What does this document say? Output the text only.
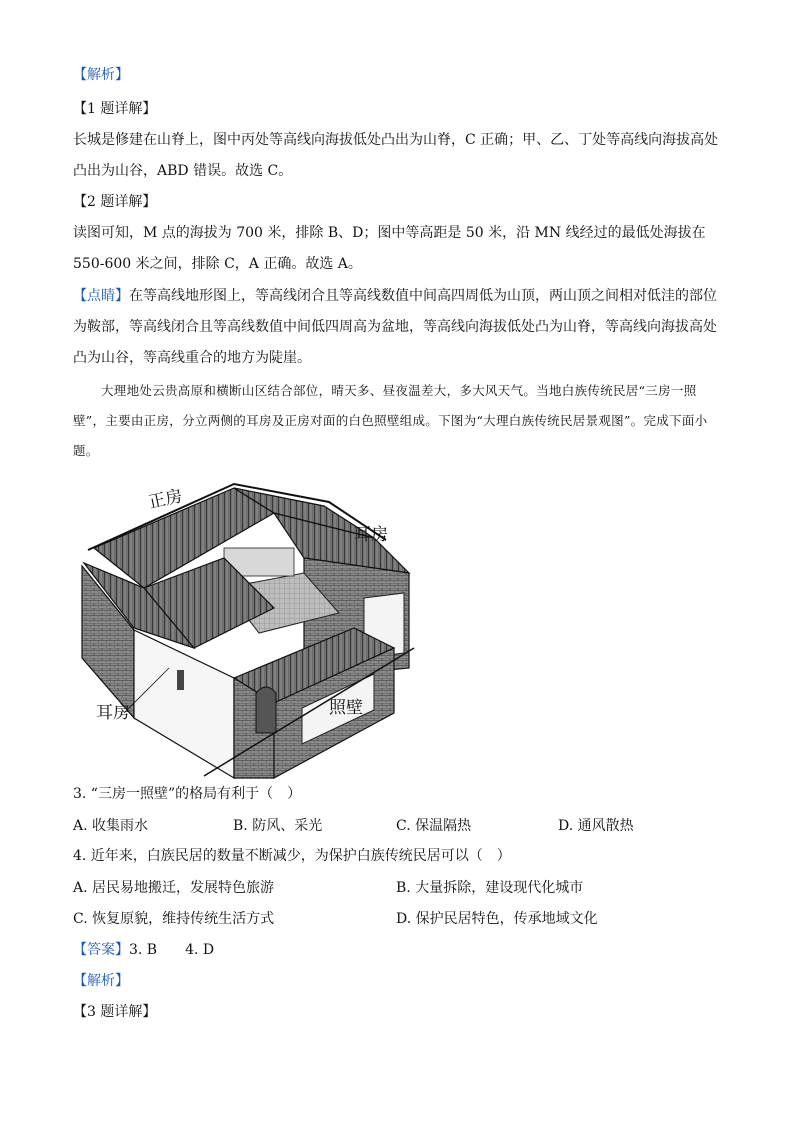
【解析】
【1 题详解】
长城是修建在山脊上，图中丙处等高线向海拔低处凸出为山脊，C 正确；甲、乙、丁处等高线向海拔高处凸出为山谷，ABD 错误。故选 C。
【2 题详解】
读图可知，M 点的海拔为 700 米，排除 B、D；图中等高距是 50 米，沿 MN 线经过的最低处海拔在 550-600 米之间，排除 C，A 正确。故选 A。
【点睛】在等高线地形图上，等高线闭合且等高线数值中间高四周低为山顶，两山顶之间相对低洼的部位为鞍部，等高线闭合且等高线数值中间低四周高为盆地，等高线向海拔低处凸为山脊，等高线向海拔高处凸为山谷，等高线重合的地方为陡崖。
大理地处云贵高原和横断山区结合部位，晴天多、昼夜温差大，多大风天气。当地白族传统民居“三房一照壁”，主要由正房，分立两侧的耳房及正房对面的白色照壁组成。下图为“大理白族传统民居景观图”。完成下面小题。
正房
耳房
耳房	照壁
3. “三房一照壁”的格局有利于（　）
A. 收集雨水	B. 防风、采光	C. 保温隔热	D. 通风散热
4. 近年来，白族民居的数量不断减少，为保护白族传统民居可以（　）
A. 居民易地搬迁，发展特色旅游	B. 大量拆除，建设现代化城市
C. 恢复原貌，维持传统生活方式	D. 保护民居特色，传承地域文化
【答案】3. B　　4. D
【解析】
【3 题详解】
